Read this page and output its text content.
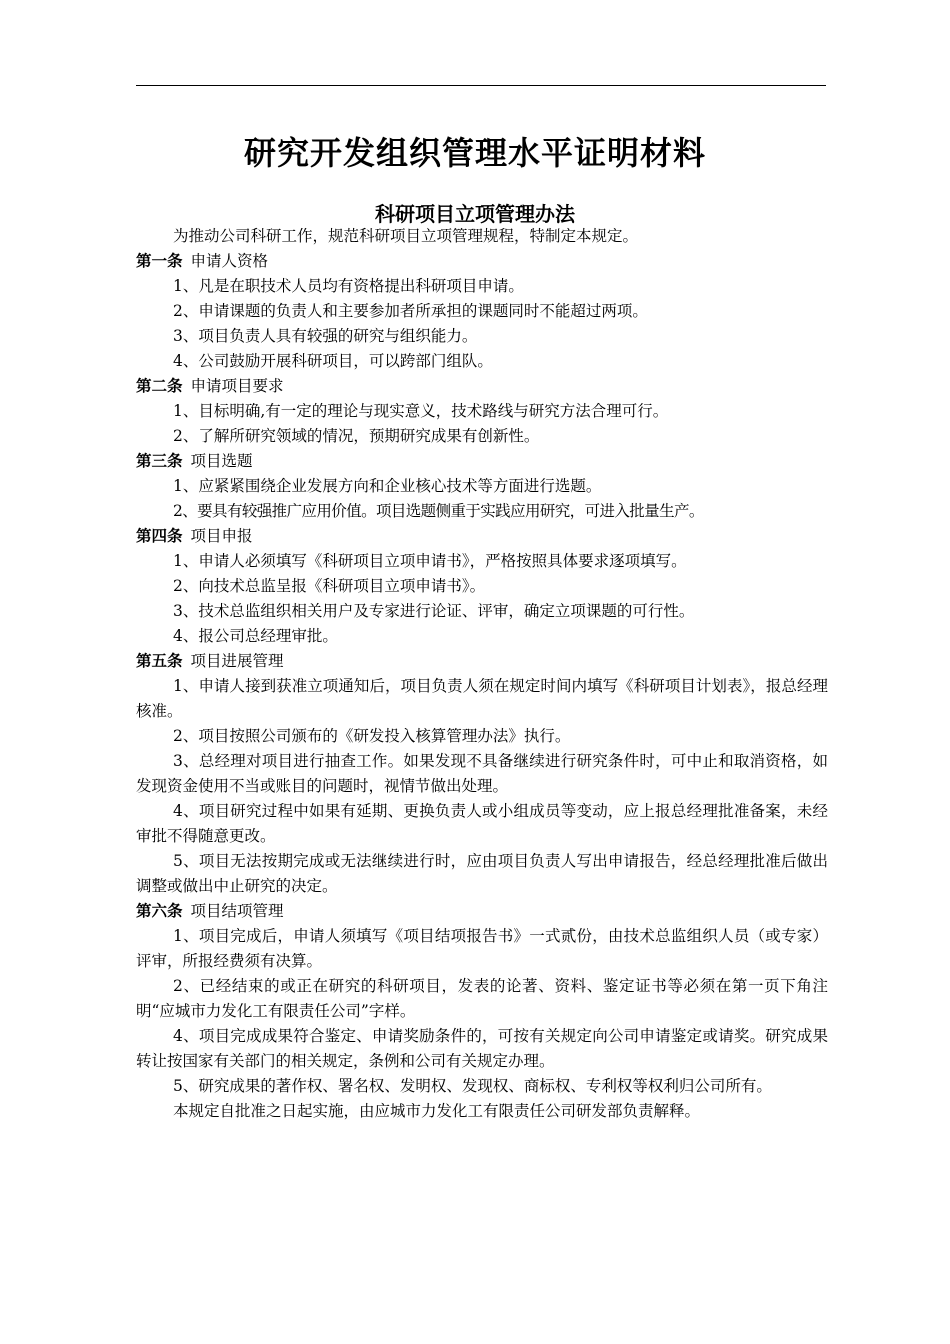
研究开发组织管理水平证明材料
科研项目立项管理办法

为推动公司科研工作，规范科研项目立项管理规程，特制定本规定。

第一条 申请人资格

1、凡是在职技术人员均有资格提出科研项目申请。

2、申请课题的负责人和主要参加者所承担的课题同时不能超过两项。

3、项目负责人具有较强的研究与组织能力。

4、公司鼓励开展科研项目，可以跨部门组队。

第二条 申请项目要求

1、目标明确,有一定的理论与现实意义，技术路线与研究方法合理可行。

2、了解所研究领域的情况，预期研究成果有创新性。

第三条 项目选题

1、应紧紧围绕企业发展方向和企业核心技术等方面进行选题。

2、要具有较强推广应用价值。项目选题侧重于实践应用研究，可进入批量生产。

第四条 项目申报

1、申请人必须填写《科研项目立项申请书》，严格按照具体要求逐项填写。

2、向技术总监呈报《科研项目立项申请书》。

3、技术总监组织相关用户及专家进行论证、评审，确定立项课题的可行性。

4、报公司总经理审批。

第五条 项目进展管理

1、申请人接到获准立项通知后，项目负责人须在规定时间内填写《科研项目计划表》，报总经理核准。

2、项目按照公司颁布的《研发投入核算管理办法》执行。

3、总经理对项目进行抽查工作。如果发现不具备继续进行研究条件时，可中止和取消资格，如发现资金使用不当或账目的问题时，视情节做出处理。

4、项目研究过程中如果有延期、更换负责人或小组成员等变动，应上报总经理批准备案，未经审批不得随意更改。

5、项目无法按期完成或无法继续进行时，应由项目负责人写出申请报告，经总经理批准后做出调整或做出中止研究的决定。

第六条 项目结项管理

1、项目完成后，申请人须填写《项目结项报告书》一式贰份，由技术总监组织人员（或专家）评审，所报经费须有决算。

2、已经结束的或正在研究的科研项目，发表的论著、资料、鉴定证书等必须在第一页下角注明“应城市力发化工有限责任公司”字样。

4、项目完成成果符合鉴定、申请奖励条件的，可按有关规定向公司申请鉴定或请奖。研究成果转让按国家有关部门的相关规定，条例和公司有关规定办理。

5、研究成果的著作权、署名权、发明权、发现权、商标权、专利权等权利归公司所有。

本规定自批准之日起实施，由应城市力发化工有限责任公司研发部负责解释。
